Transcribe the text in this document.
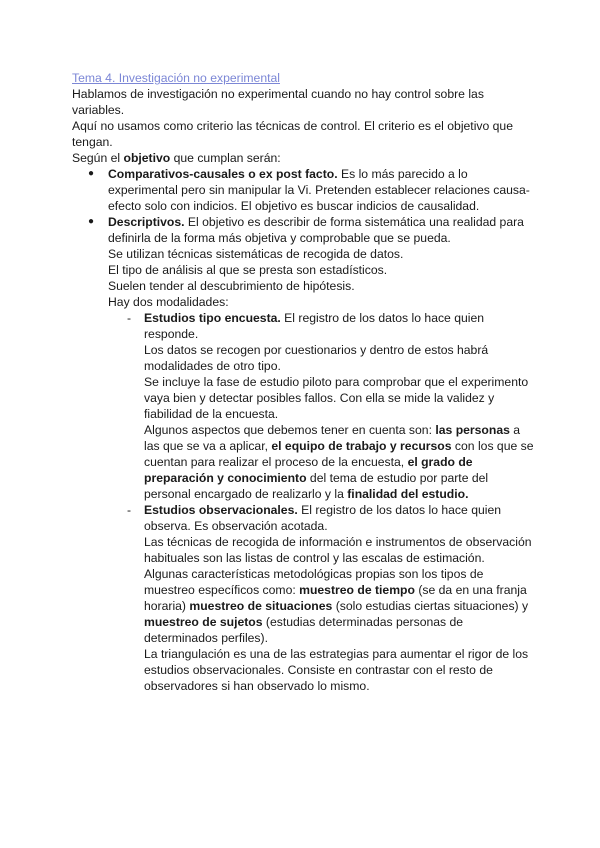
Tema 4. Investigación no experimental

Hablamos de investigación no experimental cuando no hay control sobre las variables.

Aquí no usamos como criterio las técnicas de control. El criterio es el objetivo que tengan.

Según el objetivo que cumplan serán:

● Comparativos-causales o ex post facto. Es lo más parecido a lo experimental pero sin manipular la Vi. Pretenden establecer relaciones causa-efecto solo con indicios. El objetivo es buscar indicios de causalidad.

● Descriptivos. El objetivo es describir de forma sistemática una realidad para definirla de la forma más objetiva y comprobable que se pueda.

Se utilizan técnicas sistemáticas de recogida de datos.

El tipo de análisis al que se presta son estadísticos.

Suelen tender al descubrimiento de hipótesis.

Hay dos modalidades:

- Estudios tipo encuesta. El registro de los datos lo hace quien responde.

Los datos se recogen por cuestionarios y dentro de estos habrá modalidades de otro tipo.

Se incluye la fase de estudio piloto para comprobar que el experimento vaya bien y detectar posibles fallos. Con ella se mide la validez y fiabilidad de la encuesta.

Algunos aspectos que debemos tener en cuenta son: las personas a las que se va a aplicar, el equipo de trabajo y recursos con los que se cuentan para realizar el proceso de la encuesta, el grado de preparación y conocimiento del tema de estudio por parte del personal encargado de realizarlo y la finalidad del estudio.

- Estudios observacionales. El registro de los datos lo hace quien observa. Es observación acotada.

Las técnicas de recogida de información e instrumentos de observación habituales son las listas de control y las escalas de estimación.

Algunas características metodológicas propias son los tipos de muestreo específicos como: muestreo de tiempo (se da en una franja horaria) muestreo de situaciones (solo estudias ciertas situaciones) y muestreo de sujetos (estudias determinadas personas de determinados perfiles).

La triangulación es una de las estrategias para aumentar el rigor de los estudios observacionales. Consiste en contrastar con el resto de observadores si han observado lo mismo.
